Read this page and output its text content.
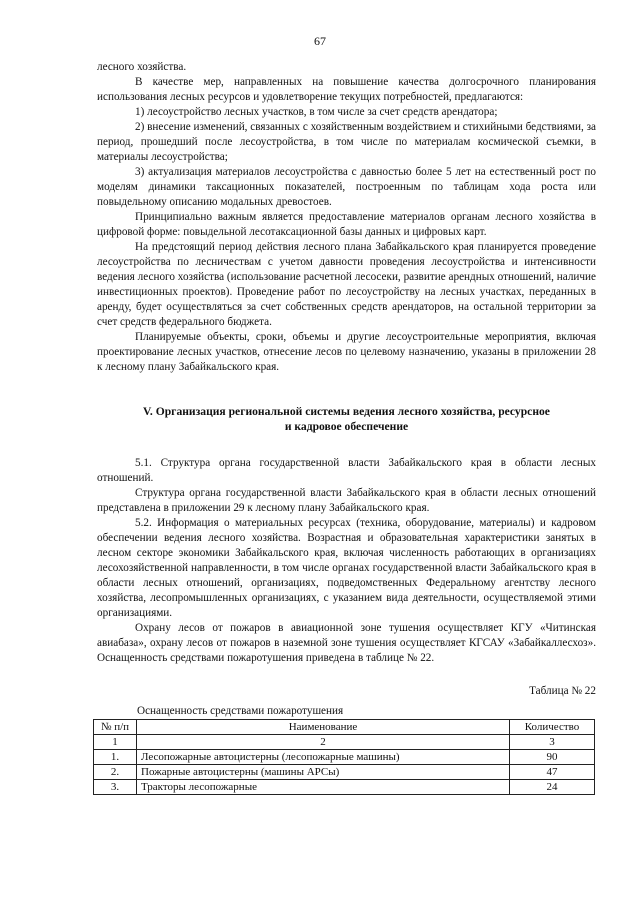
67

лесного хозяйства.

В качестве мер, направленных на повышение качества долгосрочного планирования использования лесных ресурсов и удовлетворение текущих потребностей, предлагаются:

1) лесоустройство лесных участков, в том числе за счет средств арендатора;

2) внесение изменений, связанных с хозяйственным воздействием и стихийными бедствиями, за период, прошедший после лесоустройства, в том числе по материалам космической съемки, в материалы лесоустройства;

3) актуализация материалов лесоустройства с давностью более 5 лет на естественный рост по моделям динамики таксационных показателей, построенным по таблицам хода роста или повыдельному описанию модальных древостоев.

Принципиально важным является предоставление материалов органам лесного хозяйства в цифровой форме: повыдельной лесотаксационной базы данных и цифровых карт.

На предстоящий период действия лесного плана Забайкальского края планируется проведение лесоустройства по лесничествам с учетом давности проведения лесоустройства и интенсивности ведения лесного хозяйства (использование расчетной лесосеки, развитие арендных отношений, наличие инвестиционных проектов). Проведение работ по лесоустройству на лесных участках, переданных в аренду, будет осуществляться за счет собственных средств арендаторов, на остальной территории за счет средств федерального бюджета.

Планируемые объекты, сроки, объемы и другие лесоустроительные мероприятия, включая проектирование лесных участков, отнесение лесов по целевому назначению, указаны в приложении 28 к лесному плану Забайкальского края.

V. Организация региональной системы ведения лесного хозяйства, ресурсное
и кадровое обеспечение

5.1. Структура органа государственной власти Забайкальского края в области лесных отношений.

Структура органа государственной власти Забайкальского края в области лесных отношений представлена в приложении 29 к лесному плану Забайкальского края.

5.2. Информация о материальных ресурсах (техника, оборудование, материалы) и кадровом обеспечении ведения лесного хозяйства. Возрастная и образовательная характеристики занятых в лесном секторе экономики Забайкальского края, включая численность работающих в организациях лесохозяйственной направленности, в том числе органах государственной власти Забайкальского края в области лесных отношений, организациях, подведомственных Федеральному агентству лесного хозяйства, лесопромышленных организациях, с указанием вида деятельности, осуществляемой этими организациями.

Охрану лесов от пожаров в авиационной зоне тушения осуществляет КГУ «Читинская авиабаза», охрану лесов от пожаров в наземной зоне тушения осуществляет КГСАУ «Забайкаллесхоз». Оснащенность средствами пожаротушения приведена в таблице № 22.

Таблица № 22

Оснащенность средствами пожаротушения

№ п/п	Наименование	Количество
1	2	3
1.	Лесопожарные автоцистерны (лесопожарные машины)	90
2.	Пожарные автоцистерны (машины АРСы)	47
3.	Тракторы лесопожарные	24
